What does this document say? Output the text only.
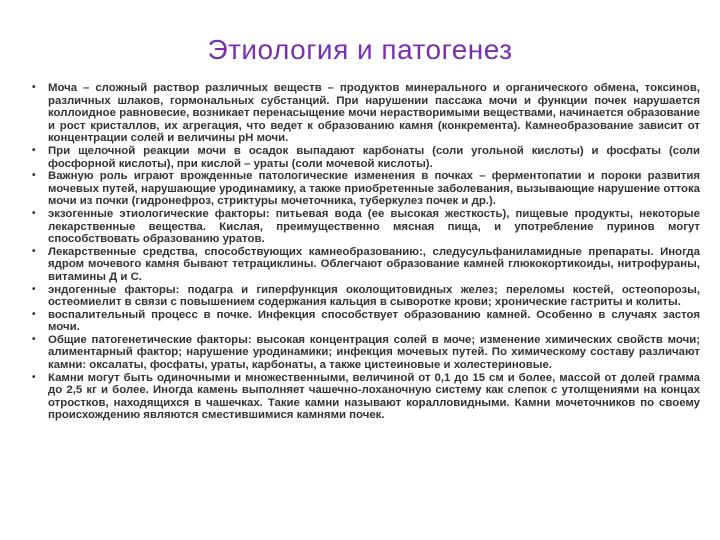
Этиология и патогенез
• Моча – сложный раствор различных веществ – продуктов минерального и органического обмена, токсинов, различных шлаков, гормональных субстанций. При нарушении пассажа мочи и функции почек нарушается коллоидное равновесие, возникает перенасыщение мочи нерастворимыми веществами, начинается образование и рост кристаллов, их агрегация, что ведет к образованию камня (конкремента). Камнеобразование зависит от концентрации солей и величины pH мочи.
• При щелочной реакции мочи в осадок выпадают карбонаты (соли угольной кислоты) и фосфаты (соли фосфорной кислоты), при кислой – ураты (соли мочевой кислоты).
• Важную роль играют врожденные патологические изменения в почках – ферментопатии и пороки развития мочевых путей, нарушающие уродинамику, а также приобретенные заболевания, вызывающие нарушение оттока мочи из почки (гидронефроз, стриктуры мочеточника, туберкулез почек и др.).
• экзогенные этиологические факторы: питьевая вода (ее высокая жесткость), пищевые продукты, некоторые лекарственные вещества. Кислая, преимущественно мясная пища, и употребление пуринов могут способствовать образованию уратов.
• Лекарственные средства, способствующих камнеобразованию:, следусульфаниламидные препараты. Иногда ядром мочевого камня бывают тетрациклины. Облегчают образование камней глюкокортикоиды, нитрофураны, витамины Д и С.
• эндогенные факторы: подагра и гиперфункция околощитовидных желез; переломы костей, остеопорозы, остеомиелит в связи с повышением содержания кальция в сыворотке крови; хронические гастриты и колиты.
• воспалительный процесс в почке. Инфекция способствует образованию камней. Особенно в случаях застоя мочи.
• Общие патогенетические факторы: высокая концентрация солей в моче; изменение химических свойств мочи; алиментарный фактор; нарушение уродинамики; инфекция мочевых путей. По химическому составу различают камни: оксалаты, фосфаты, ураты, карбонаты, а также цистеиновые и холестериновые.
• Камни могут быть одиночными и множественными, величиной от 0,1 до 15 см и более, массой от долей грамма до 2,5 кг и более. Иногда камень выполняет чашечно-лоханочную систему как слепок с утолщениями на концах отростков, находящихся в чашечках. Такие камни называют коралловидными. Камни мочеточников по своему происхождению являются сместившимися камнями почек.
